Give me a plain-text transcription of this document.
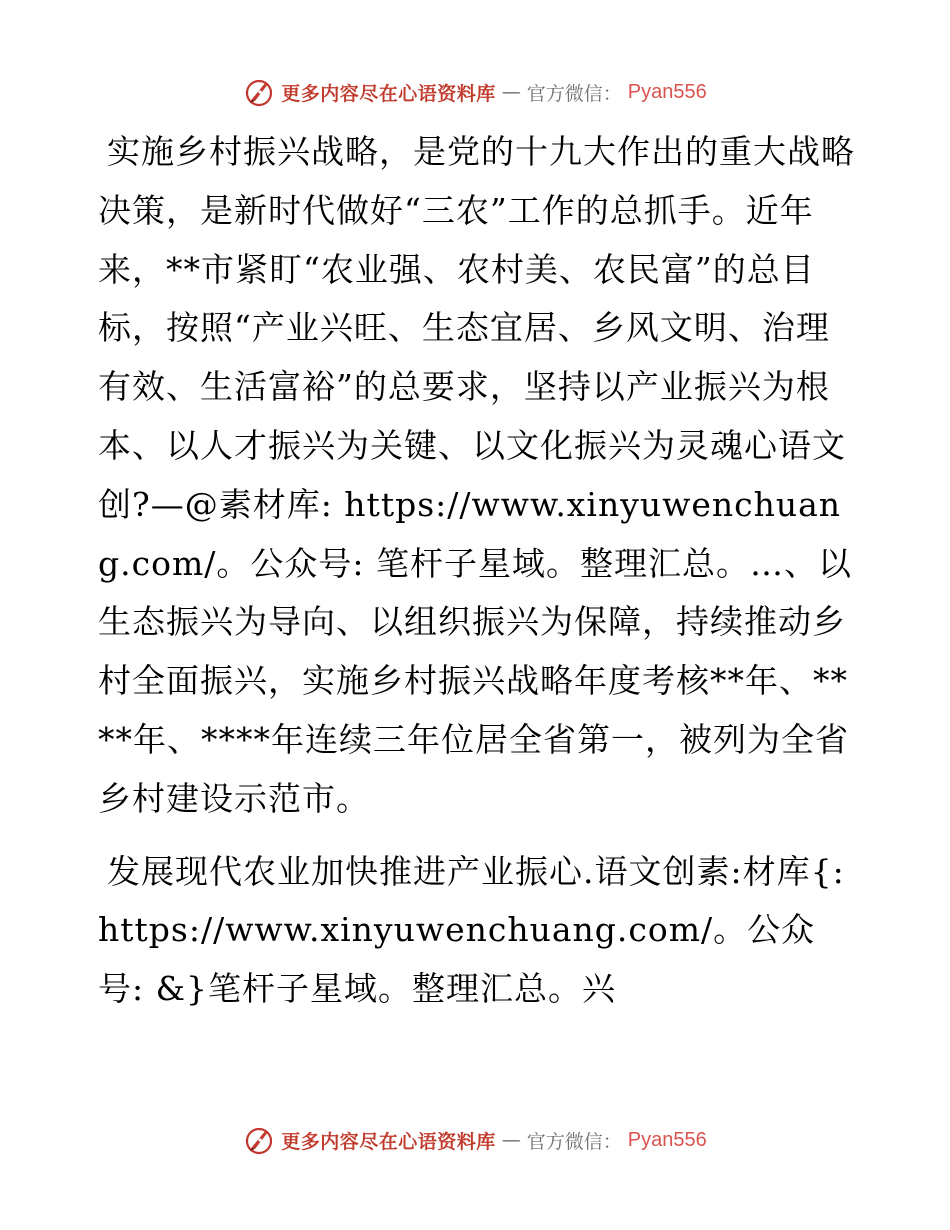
更多内容尽在心语资料库 — 官方微信： Pyan556

实施乡村振兴战略，是党的十九大作出的重大战略决策，是新时代做好“三农”工作的总抓手。近年来，**市紧盯“农业强、农村美、农民富”的总目标，按照“产业兴旺、生态宜居、乡风文明、治理有效、生活富裕”的总要求，坚持以产业振兴为根本、以人才振兴为关键、以文化振兴为灵魂心语文创?—@素材库: https://www.xinyuwenchuang.com/。公众号: 笔杆子星域。整理汇总。…、以生态振兴为导向、以组织振兴为保障，持续推动乡村全面振兴，实施乡村振兴战略年度考核**年、****年、****年连续三年位居全省第一，被列为全省乡村建设示范市。

发展现代农业加快推进产业振心.语文创素:材库{: https://www.xinyuwenchuang.com/。公众号: &}笔杆子星域。整理汇总。兴

更多内容尽在心语资料库 — 官方微信： Pyan556
